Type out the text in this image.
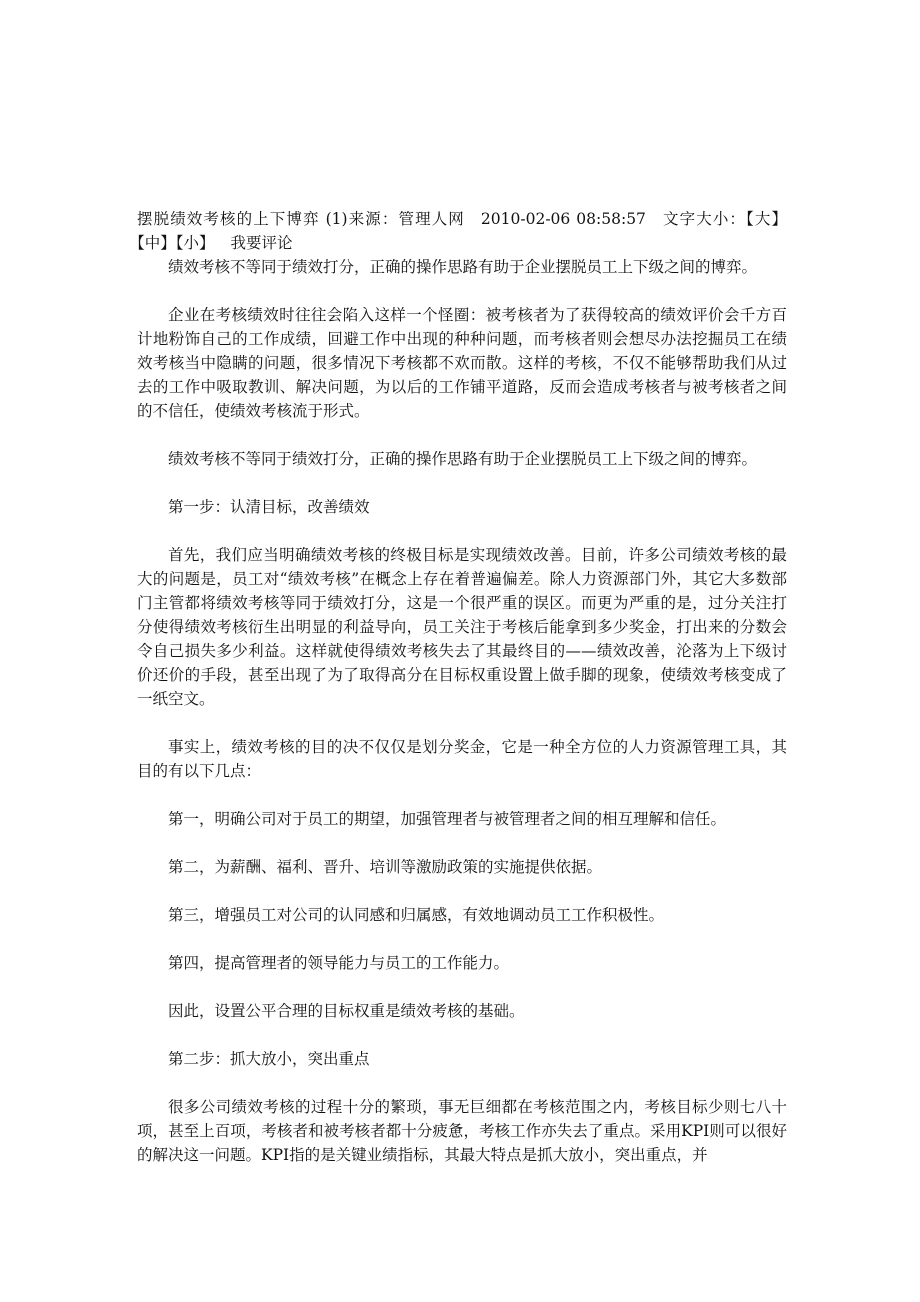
摆脱绩效考核的上下博弈 (1)来源：管理人网 2010-02-06 08:58:57 文字大小：【大】【中】【小】 我要评论

绩效考核不等同于绩效打分，正确的操作思路有助于企业摆脱员工上下级之间的博弈。

企业在考核绩效时往往会陷入这样一个怪圈：被考核者为了获得较高的绩效评价会千方百计地粉饰自己的工作成绩，回避工作中出现的种种问题，而考核者则会想尽办法挖掘员工在绩效考核当中隐瞒的问题，很多情况下考核都不欢而散。这样的考核，不仅不能够帮助我们从过去的工作中吸取教训、解决问题，为以后的工作铺平道路，反而会造成考核者与被考核者之间的不信任，使绩效考核流于形式。

绩效考核不等同于绩效打分，正确的操作思路有助于企业摆脱员工上下级之间的博弈。

第一步：认清目标，改善绩效

首先，我们应当明确绩效考核的终极目标是实现绩效改善。目前，许多公司绩效考核的最大的问题是，员工对“绩效考核”在概念上存在着普遍偏差。除人力资源部门外，其它大多数部门主管都将绩效考核等同于绩效打分，这是一个很严重的误区。而更为严重的是，过分关注打分使得绩效考核衍生出明显的利益导向，员工关注于考核后能拿到多少奖金，打出来的分数会令自己损失多少利益。这样就使得绩效考核失去了其最终目的——绩效改善，沦落为上下级讨价还价的手段，甚至出现了为了取得高分在目标权重设置上做手脚的现象，使绩效考核变成了一纸空文。

事实上，绩效考核的目的决不仅仅是划分奖金，它是一种全方位的人力资源管理工具，其目的有以下几点：

第一，明确公司对于员工的期望，加强管理者与被管理者之间的相互理解和信任。

第二，为薪酬、福利、晋升、培训等激励政策的实施提供依据。

第三，增强员工对公司的认同感和归属感，有效地调动员工工作积极性。

第四，提高管理者的领导能力与员工的工作能力。

因此，设置公平合理的目标权重是绩效考核的基础。

第二步：抓大放小，突出重点

很多公司绩效考核的过程十分的繁琐，事无巨细都在考核范围之内，考核目标少则七八十项，甚至上百项，考核者和被考核者都十分疲惫，考核工作亦失去了重点。采用KPI则可以很好的解决这一问题。KPI指的是关键业绩指标，其最大特点是抓大放小，突出重点，并
